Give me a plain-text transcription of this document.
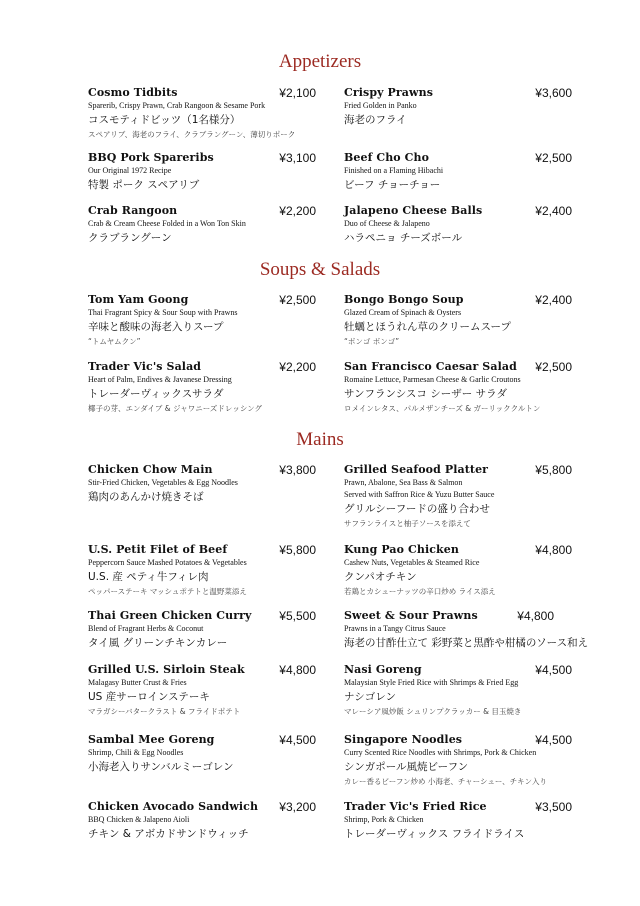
Appetizers
Cosmo Tidbits	¥2,100
Sparerib, Crispy Prawn, Crab Rangoon & Sesame Pork
コスモティドビッツ（1名様分）
スペアリブ、海老のフライ、クラブラングーン、薄切りポーク
Crispy Prawns	¥3,600
Fried Golden in Panko
海老のフライ
BBQ Pork Spareribs	¥3,100
Our Original 1972 Recipe
特製 ポーク スペアリブ
Beef Cho Cho	¥2,500
Finished on a Flaming Hibachi
ビーフ チョーチョー
Crab Rangoon	¥2,200
Crab & Cream Cheese Folded in a Won Ton Skin
クラブラングーン
Jalapeno Cheese Balls	¥2,400
Duo of Cheese & Jalapeno
ハラペニョ チーズボール
Soups & Salads
Tom Yam Goong	¥2,500
Thai Fragrant Spicy & Sour Soup with Prawns
辛味と酸味の海老入りスープ
“トムヤムクン”
Bongo Bongo Soup	¥2,400
Glazed Cream of Spinach & Oysters
牡蠣とほうれん草のクリームスープ
“ボンゴ ボンゴ”
Trader Vic's Salad	¥2,200
Heart of Palm, Endives & Javanese Dressing
トレーダーヴィックスサラダ
椰子の芽、エンダイブ & ジャワニーズドレッシング
San Francisco Caesar Salad	¥2,500
Romaine Lettuce, Parmesan Cheese & Garlic Croutons
サンフランシスコ シーザー サラダ
ロメインレタス、パルメザンチーズ & ガーリッククルトン
Mains
Chicken Chow Main	¥3,800
Stir-Fried Chicken, Vegetables & Egg Noodles
鶏肉のあんかけ焼きそば
Grilled Seafood Platter	¥5,800
Prawn, Abalone, Sea Bass & Salmon
Served with Saffron Rice & Yuzu Butter Sauce
グリルシーフードの盛り合わせ
サフランライスと柚子ソースを添えて
U.S. Petit Filet of Beef	¥5,800
Peppercorn Sauce Mashed Potatoes & Vegetables
U.S. 産 ペティ牛フィレ肉
ペッパーステーキ マッシュポテトと温野菜添え
Kung Pao Chicken	¥4,800
Cashew Nuts, Vegetables & Steamed Rice
クンパオチキン
若鶏とカシューナッツの辛口炒め ライス添え
Thai Green Chicken Curry	¥5,500
Blend of Fragrant Herbs & Coconut
タイ風 グリーンチキンカレー
Sweet & Sour Prawns	¥4,800
Prawns in a Tangy Citrus Sauce
海老の甘酢仕立て 彩野菜と黒酢や柑橘のソース和え
Grilled U.S. Sirloin Steak	¥4,800
Malagasy Butter Crust & Fries
US 産サーロインステーキ
マラガシーバタークラスト & フライドポテト
Nasi Goreng	¥4,500
Malaysian Style Fried Rice with Shrimps & Fried Egg
ナシゴレン
マレーシア風炒飯 シュリンプクラッカー & 目玉焼き
Sambal Mee Goreng	¥4,500
Shrimp, Chili & Egg Noodles
小海老入りサンバルミーゴレン
Singapore Noodles	¥4,500
Curry Scented Rice Noodles with Shrimps, Pork & Chicken
シンガポール風焼ビーフン
カレー香るビーフン炒め 小海老、チャーシュー、チキン入り
Chicken Avocado Sandwich	¥3,200
BBQ Chicken & Jalapeno Aioli
チキン & アボカドサンドウィッチ
Trader Vic's Fried Rice	¥3,500
Shrimp, Pork & Chicken
トレーダーヴィックス フライドライス
